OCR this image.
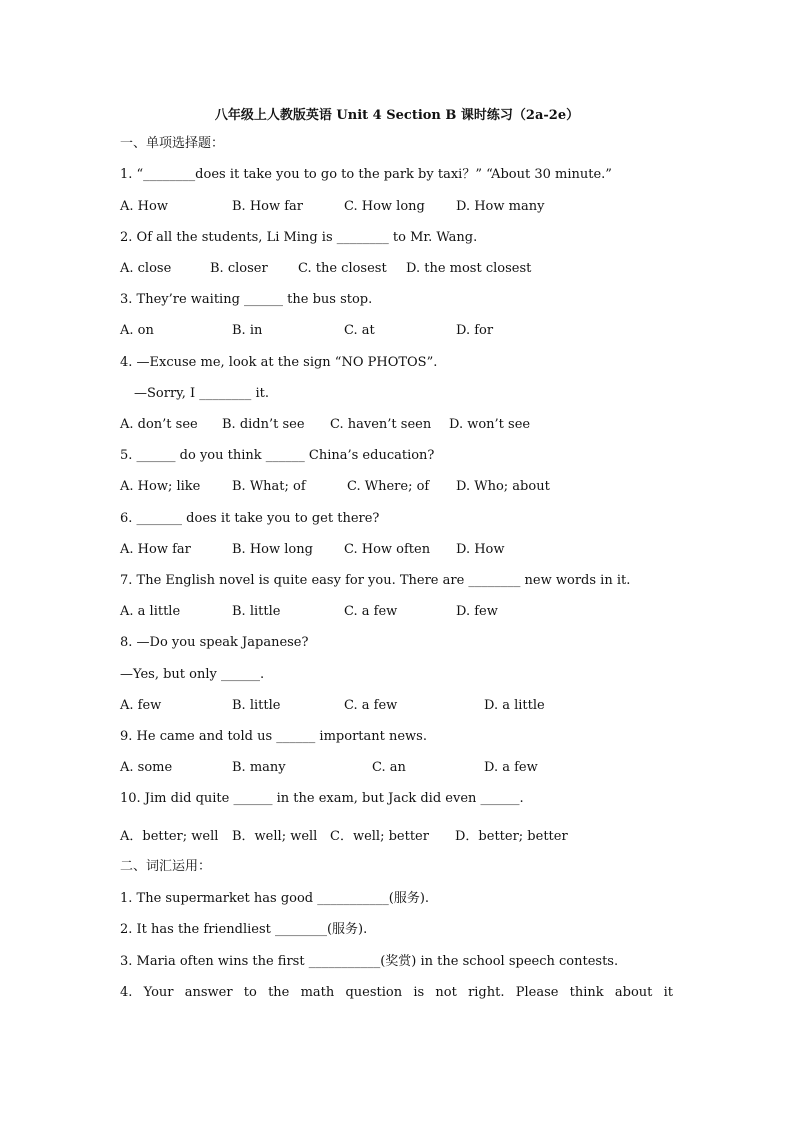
八年级上人教版英语 Unit 4 Section B 课时练习（2a-2e）
一、单项选择题：
1. “________does it take you to go to the park by taxi？” “About 30 minute.”
A. How	B. How far	C. How long D. How many
2. Of all the students, Li Ming is ________ to Mr. Wang.
A. close	B. closer C. the closest D. the most closest
3. They’re waiting ______ the bus stop.
A. on	B. in	C. at	D. for
4. —Excuse me, look at the sign “NO PHOTOS”.
—Sorry, I ________ it.
A. don’t see B. didn’t see C. haven’t seen D. won’t see
5. ______ do you think ______ China’s education?
A. How; like B. What; of	C. Where; of D. Who; about
6. _______ does it take you to get there?
A. How far	B. How long C. How often D. How
7. The English novel is quite easy for you. There are ________ new words in it.
A. a little	B. little	C. a few	D. few
8. —Do you speak Japanese?
—Yes, but only ______.
A. few	B. little	C. a few	D. a little
9. He came and told us ______ important news.
A. some	B. many	C. an	D. a few
10. Jim did quite ______ in the exam, but Jack did even ______.
A．better; well B．well; well C．well; better D．better; better
二、词汇运用：
1. The supermarket has good ___________(服务).
2. It has the friendliest ________(服务).
3. Maria often wins the first ___________(奖赏) in the school speech contests.
4. Your answer to the math question is not right. Please think about it
